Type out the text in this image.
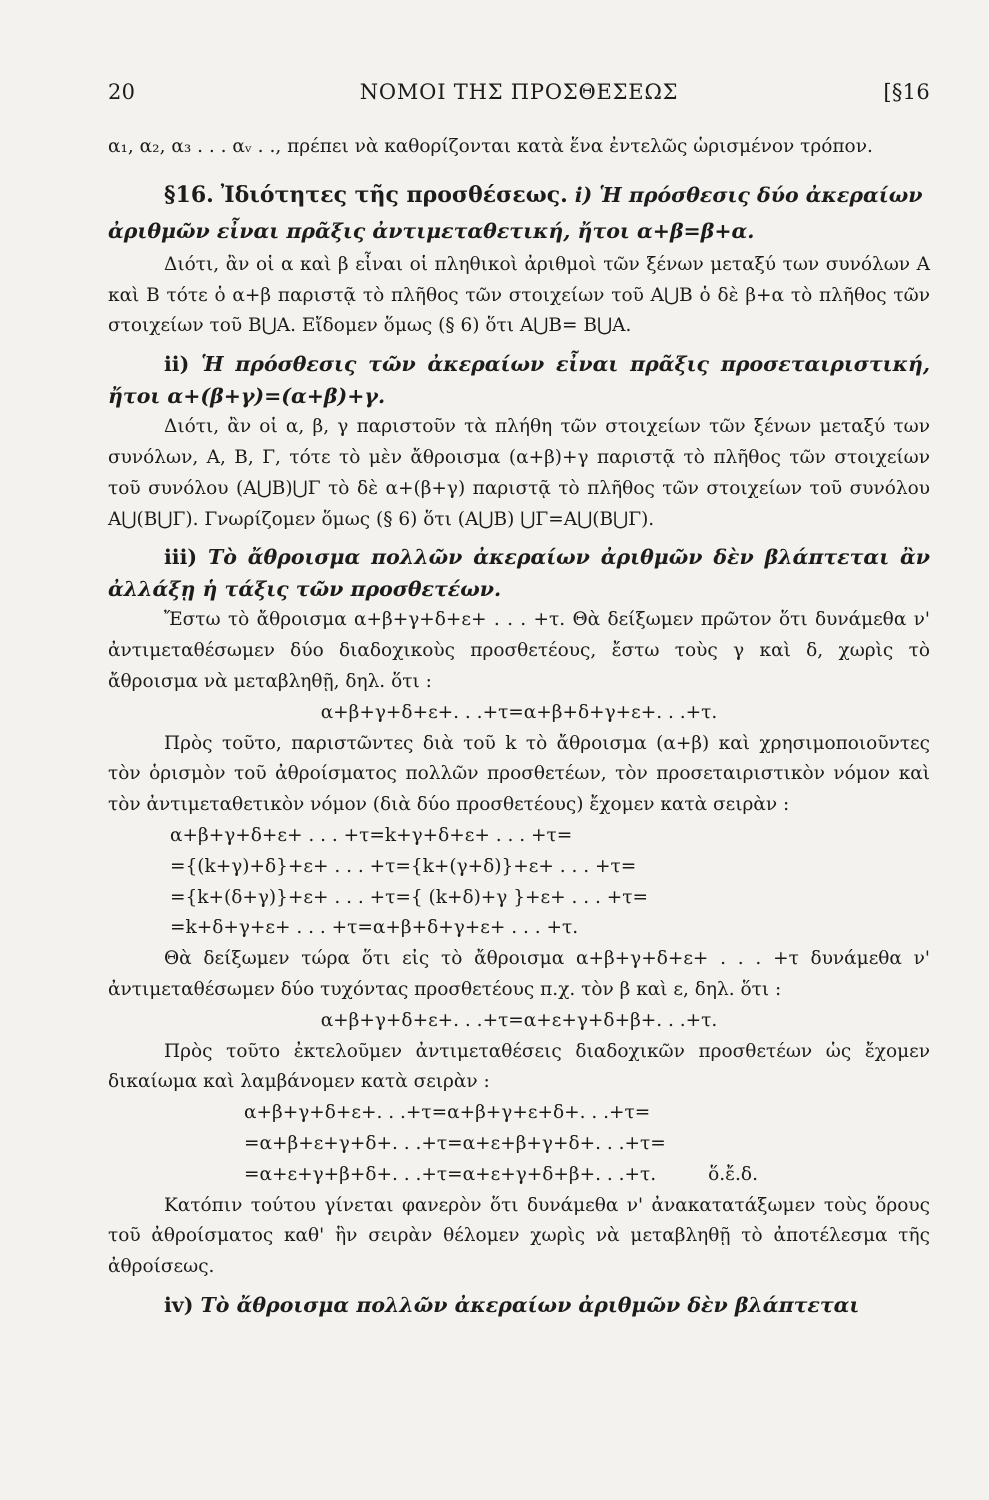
20	ΝΟΜΟΙ ΤΗΣ ΠΡΟΣΘΕΣΕΩΣ	[§16

α₁, α₂, α₃ . . . αᵥ . ., πρέπει νὰ καθορίζονται κατὰ ἕνα ἐντελῶς ὡρισμένον τρόπον.

§16. Ἰδιότητες τῆς προσθέσεως. i) Ἡ πρόσθεσις δύο ἀκεραίων ἀριθμῶν εἶναι πρᾶξις ἀντιμεταθετική, ἤτοι α+β=β+α.

Διότι, ἂν οἱ α καὶ β εἶναι οἱ πληθικοὶ ἀριθμοὶ τῶν ξένων μεταξύ των συνόλων Α καὶ Β τότε ὁ α+β παριστᾷ τὸ πλῆθος τῶν στοιχείων τοῦ Α⋃Β ὁ δὲ β+α τὸ πλῆθος τῶν στοιχείων τοῦ Β⋃Α. Εἴδομεν ὅμως (§ 6) ὅτι Α⋃Β= Β⋃Α.

ii) Ἡ πρόσθεσις τῶν ἀκεραίων εἶναι πρᾶξις προσεταιριστική, ἤτοι α+(β+γ)=(α+β)+γ.

Διότι, ἂν οἱ α, β, γ παριστοῦν τὰ πλήθη τῶν στοιχείων τῶν ξένων μεταξύ των συνόλων, Α, Β, Γ, τότε τὸ μὲν ἄθροισμα (α+β)+γ παριστᾷ τὸ πλῆθος τῶν στοιχείων τοῦ συνόλου (Α⋃Β)⋃Γ τὸ δὲ α+(β+γ) παριστᾷ τὸ πλῆθος τῶν στοιχείων τοῦ συνόλου Α⋃(Β⋃Γ). Γνωρίζομεν ὅμως (§ 6) ὅτι (Α⋃Β) ⋃Γ=Α⋃(Β⋃Γ).

iii) Τὸ ἄθροισμα πολλῶν ἀκεραίων ἀριθμῶν δὲν βλάπτεται ἂν ἀλλάξῃ ἡ τάξις τῶν προσθετέων.

Ἔστω τὸ ἄθροισμα α+β+γ+δ+ε+ . . . +τ. Θὰ δείξωμεν πρῶτον ὅτι δυνάμεθα ν' ἀντιμεταθέσωμεν δύο διαδοχικοὺς προσθετέους, ἔστω τοὺς γ καὶ δ, χωρὶς τὸ ἄθροισμα νὰ μεταβληθῇ, δηλ. ὅτι :

α+β+γ+δ+ε+. . .+τ=α+β+δ+γ+ε+. . .+τ.

Πρὸς τοῦτο, παριστῶντες διὰ τοῦ k τὸ ἄθροισμα (α+β) καὶ χρησιμοποιοῦντες τὸν ὁρισμὸν τοῦ ἀθροίσματος πολλῶν προσθετέων, τὸν προσεταιριστικὸν νόμον καὶ τὸν ἀντιμεταθετικὸν νόμον (διὰ δύο προσθετέους) ἔχομεν κατὰ σειρὰν :

α+β+γ+δ+ε+ . . . +τ=k+γ+δ+ε+ . . . +τ=
={(k+γ)+δ}+ε+ . . . +τ={k+(γ+δ)}+ε+ . . . +τ=
={k+(δ+γ)}+ε+ . . . +τ={ (k+δ)+γ }+ε+ . . . +τ=
=k+δ+γ+ε+ . . . +τ=α+β+δ+γ+ε+ . . . +τ.

Θὰ δείξωμεν τώρα ὅτι εἰς τὸ ἄθροισμα α+β+γ+δ+ε+ . . . +τ δυνάμεθα ν' ἀντιμεταθέσωμεν δύο τυχόντας προσθετέους π.χ. τὸν β καὶ ε, δηλ. ὅτι :

α+β+γ+δ+ε+. . .+τ=α+ε+γ+δ+β+. . .+τ.

Πρὸς τοῦτο ἐκτελοῦμεν ἀντιμεταθέσεις διαδοχικῶν προσθετέων ὡς ἔχομεν δικαίωμα καὶ λαμβάνομεν κατὰ σειρὰν :

α+β+γ+δ+ε+. . .+τ=α+β+γ+ε+δ+. . .+τ=
=α+β+ε+γ+δ+. . .+τ=α+ε+β+γ+δ+. . .+τ=
=α+ε+γ+β+δ+. . .+τ=α+ε+γ+δ+β+. . .+τ.	ὅ.ἔ.δ.

Κατόπιν τούτου γίνεται φανερὸν ὅτι δυνάμεθα ν' ἀνακατατάξωμεν τοὺς ὅρους τοῦ ἀθροίσματος καθ' ἣν σειρὰν θέλομεν χωρὶς νὰ μεταβληθῇ τὸ ἀποτέλεσμα τῆς ἀθροίσεως.

iv) Τὸ ἄθροισμα πολλῶν ἀκεραίων ἀριθμῶν δὲν βλάπτεται
